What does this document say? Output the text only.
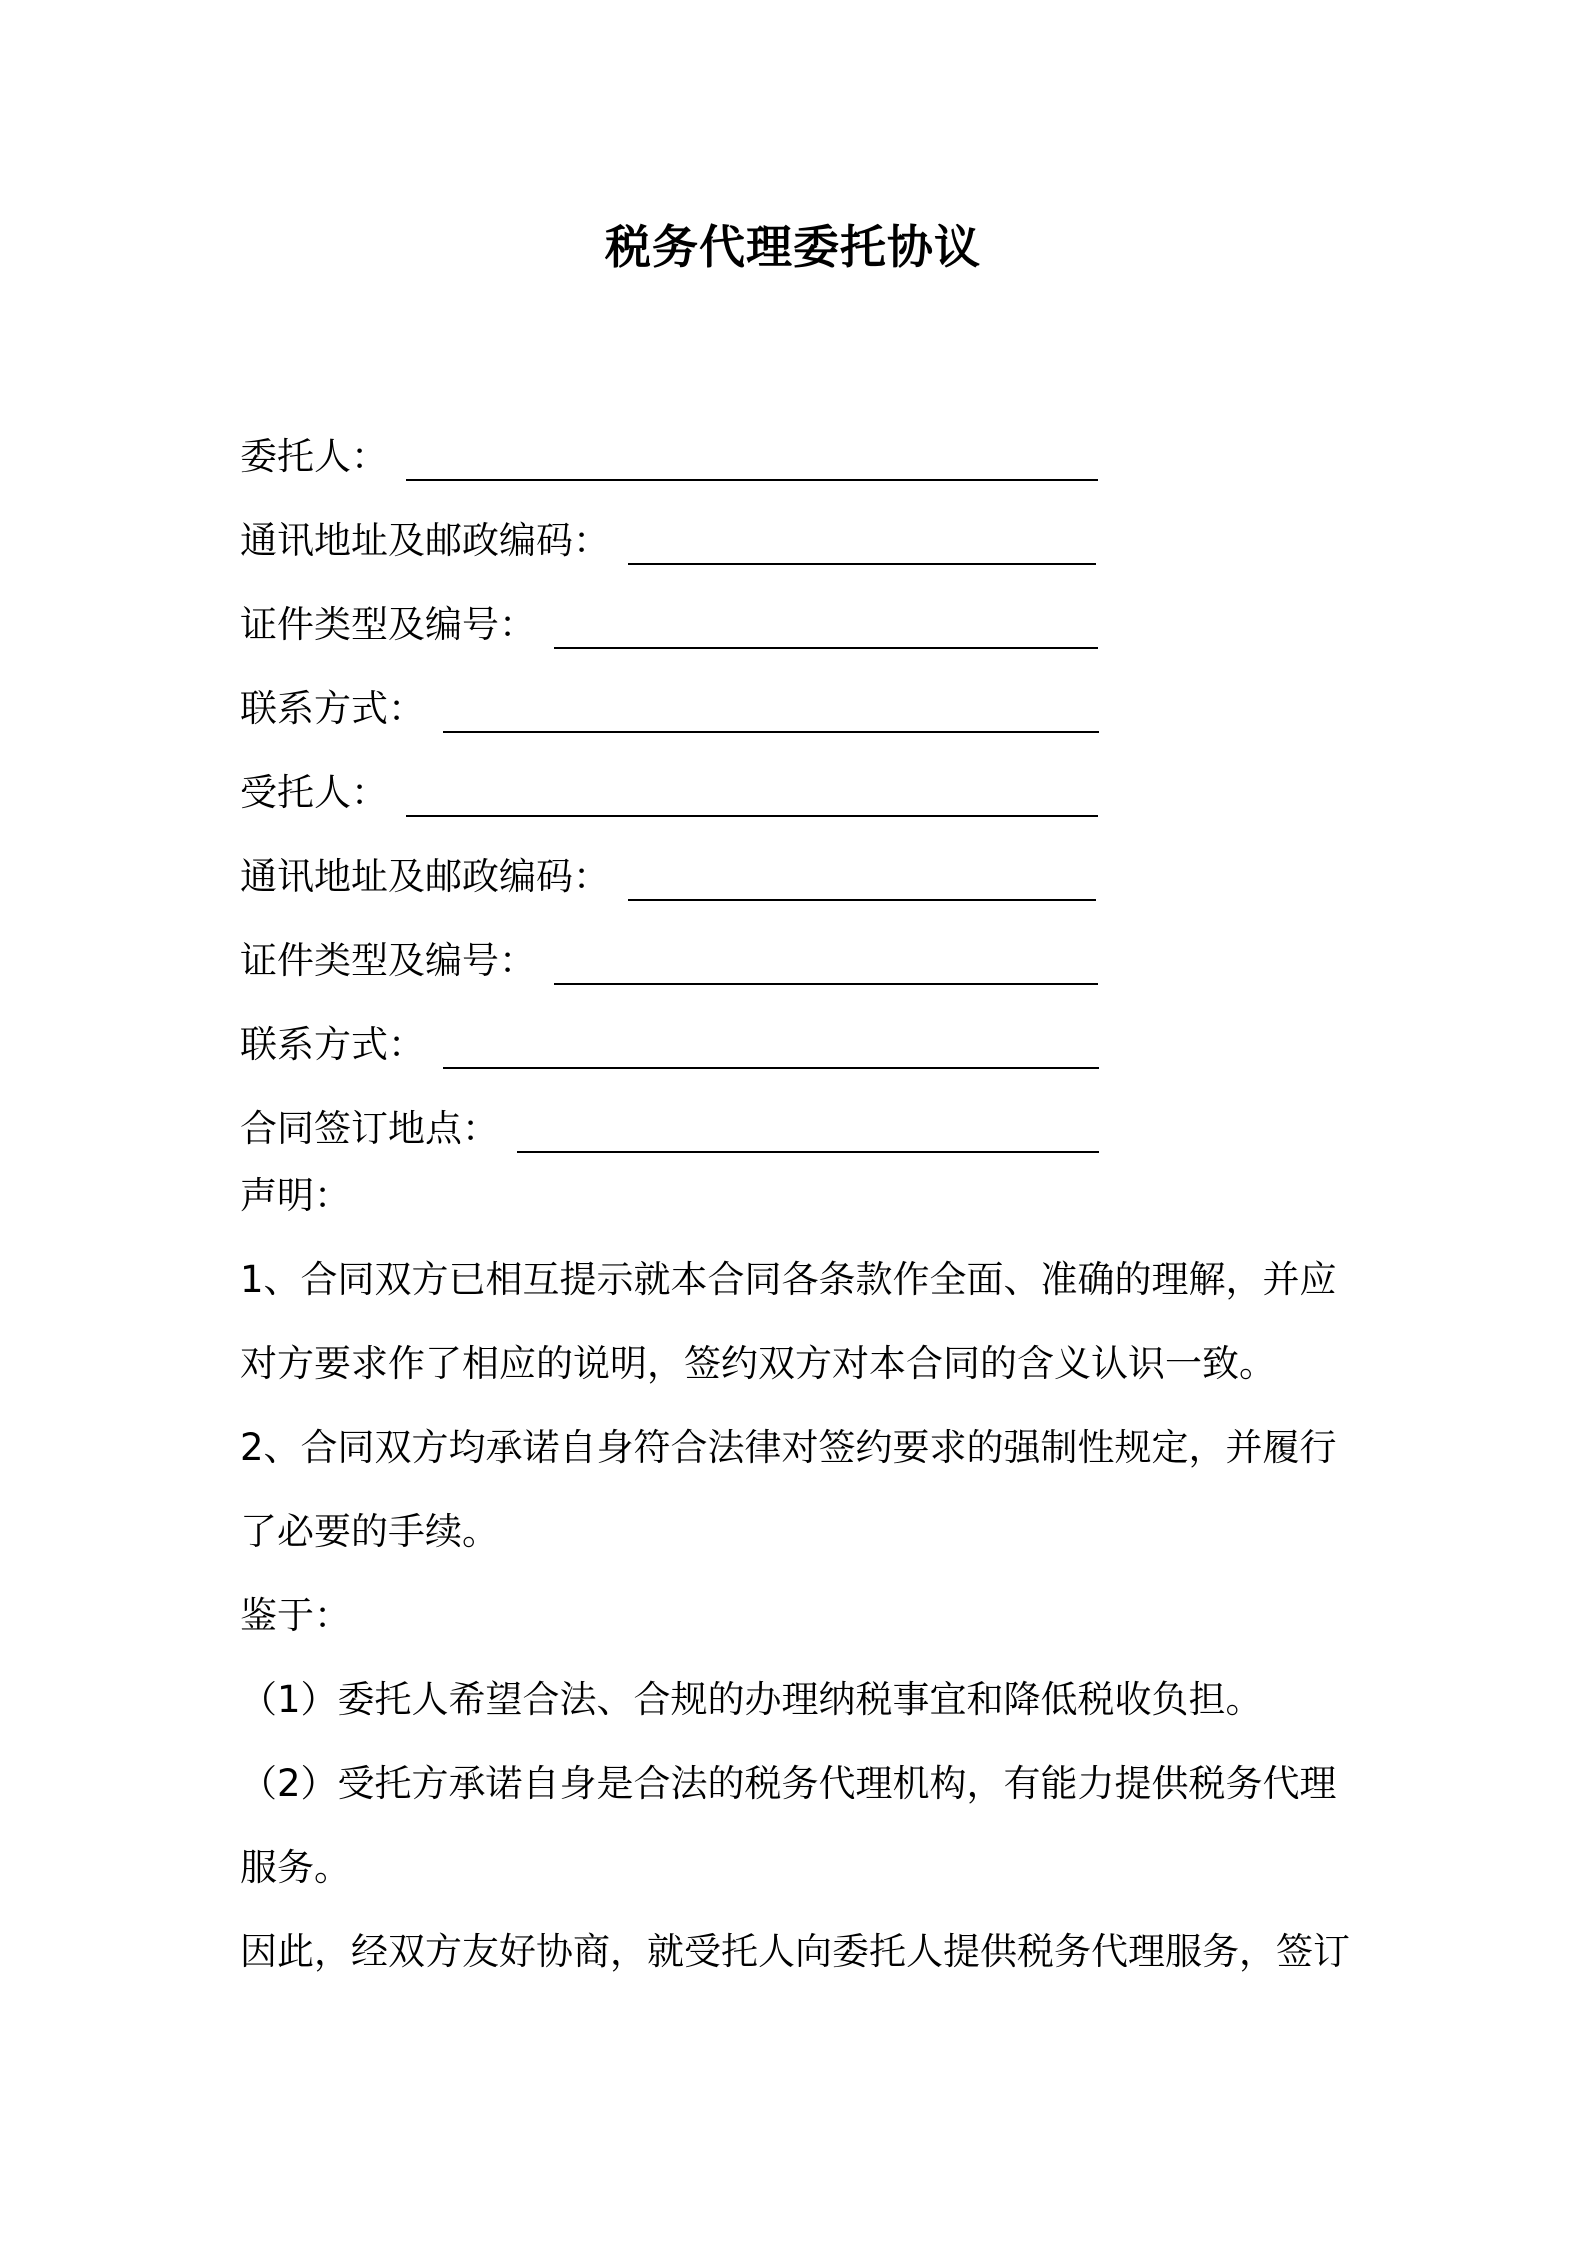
税务代理委托协议
委托人：
通讯地址及邮政编码：
证件类型及编号：
联系方式：
受托人：
通讯地址及邮政编码：
证件类型及编号：
联系方式：
合同签订地点：

声明：

1、合同双方已相互提示就本合同各条款作全面、准确的理解，并应对方要求作了相应的说明，签约双方对本合同的含义认识一致。

2、合同双方均承诺自身符合法律对签约要求的强制性规定，并履行了必要的手续。

鉴于：

（1）委托人希望合法、合规的办理纳税事宜和降低税收负担。

（2）受托方承诺自身是合法的税务代理机构，有能力提供税务代理服务。

因此，经双方友好协商，就受托人向委托人提供税务代理服务，签订
